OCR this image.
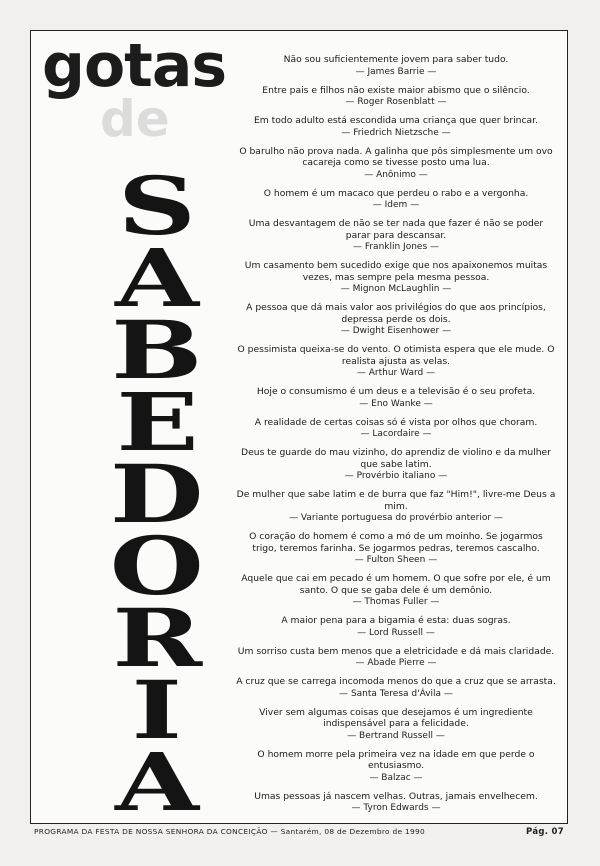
gotas
de
S
A
B
E
D
O
R
I
A
Não sou suficientemente jovem para saber tudo.
— James Barrie —
Entre pais e filhos não existe maior abismo que o silêncio.
— Roger Rosenblatt —
Em todo adulto está escondida uma criança que quer brincar.
— Friedrich Nietzsche —
O barulho não prova nada. A galinha que pôs simplesmente um ovo cacareja como se tivesse posto uma lua.
— Anônimo —
O homem é um macaco que perdeu o rabo e a vergonha.
— Idem —
Uma desvantagem de não se ter nada que fazer é não se poder parar para descansar.
— Franklin Jones —
Um casamento bem sucedido exige que nos apaixonemos muitas vezes, mas sempre pela mesma pessoa.
— Mignon McLaughlin —
A pessoa que dá mais valor aos privilégios do que aos princípios, depressa perde os dois.
— Dwight Eisenhower —
O pessimista queixa-se do vento. O otimista espera que ele mude. O realista ajusta as velas.
— Arthur Ward —
Hoje o consumismo é um deus e a televisão é o seu profeta.
— Eno Wanke —
A realidade de certas coisas só é vista por olhos que choram.
— Lacordaire —
Deus te guarde do mau vizinho, do aprendiz de violino e da mulher que sabe latim.
— Provérbio italiano —
De mulher que sabe latim e de burra que faz "Him!", livre-me Deus a mim.
— Variante portuguesa do provérbio anterior —
O coração do homem é como a mó de um moinho. Se jogarmos trigo, teremos farinha. Se jogarmos pedras, teremos cascalho.
— Fulton Sheen —
Aquele que cai em pecado é um homem. O que sofre por ele, é um santo. O que se gaba dele é um demônio.
— Thomas Fuller —
A maior pena para a bigamia é esta: duas sogras.
— Lord Russell —
Um sorriso custa bem menos que a eletricidade e dá mais claridade.
— Abade Pierre —
A cruz que se carrega incomoda menos do que a cruz que se arrasta.
— Santa Teresa d'Ávila —
Viver sem algumas coisas que desejamos é um ingrediente indispensável para a felicidade.
— Bertrand Russell —
O homem morre pela primeira vez na idade em que perde o entusiasmo.
— Balzac —
Umas pessoas já nascem velhas. Outras, jamais envelhecem.
— Tyron Edwards —
PROGRAMA DA FESTA DE NOSSA SENHORA DA CONCEIÇÃO — Santarém, 08 de Dezembro de 1990	Pág. 07
